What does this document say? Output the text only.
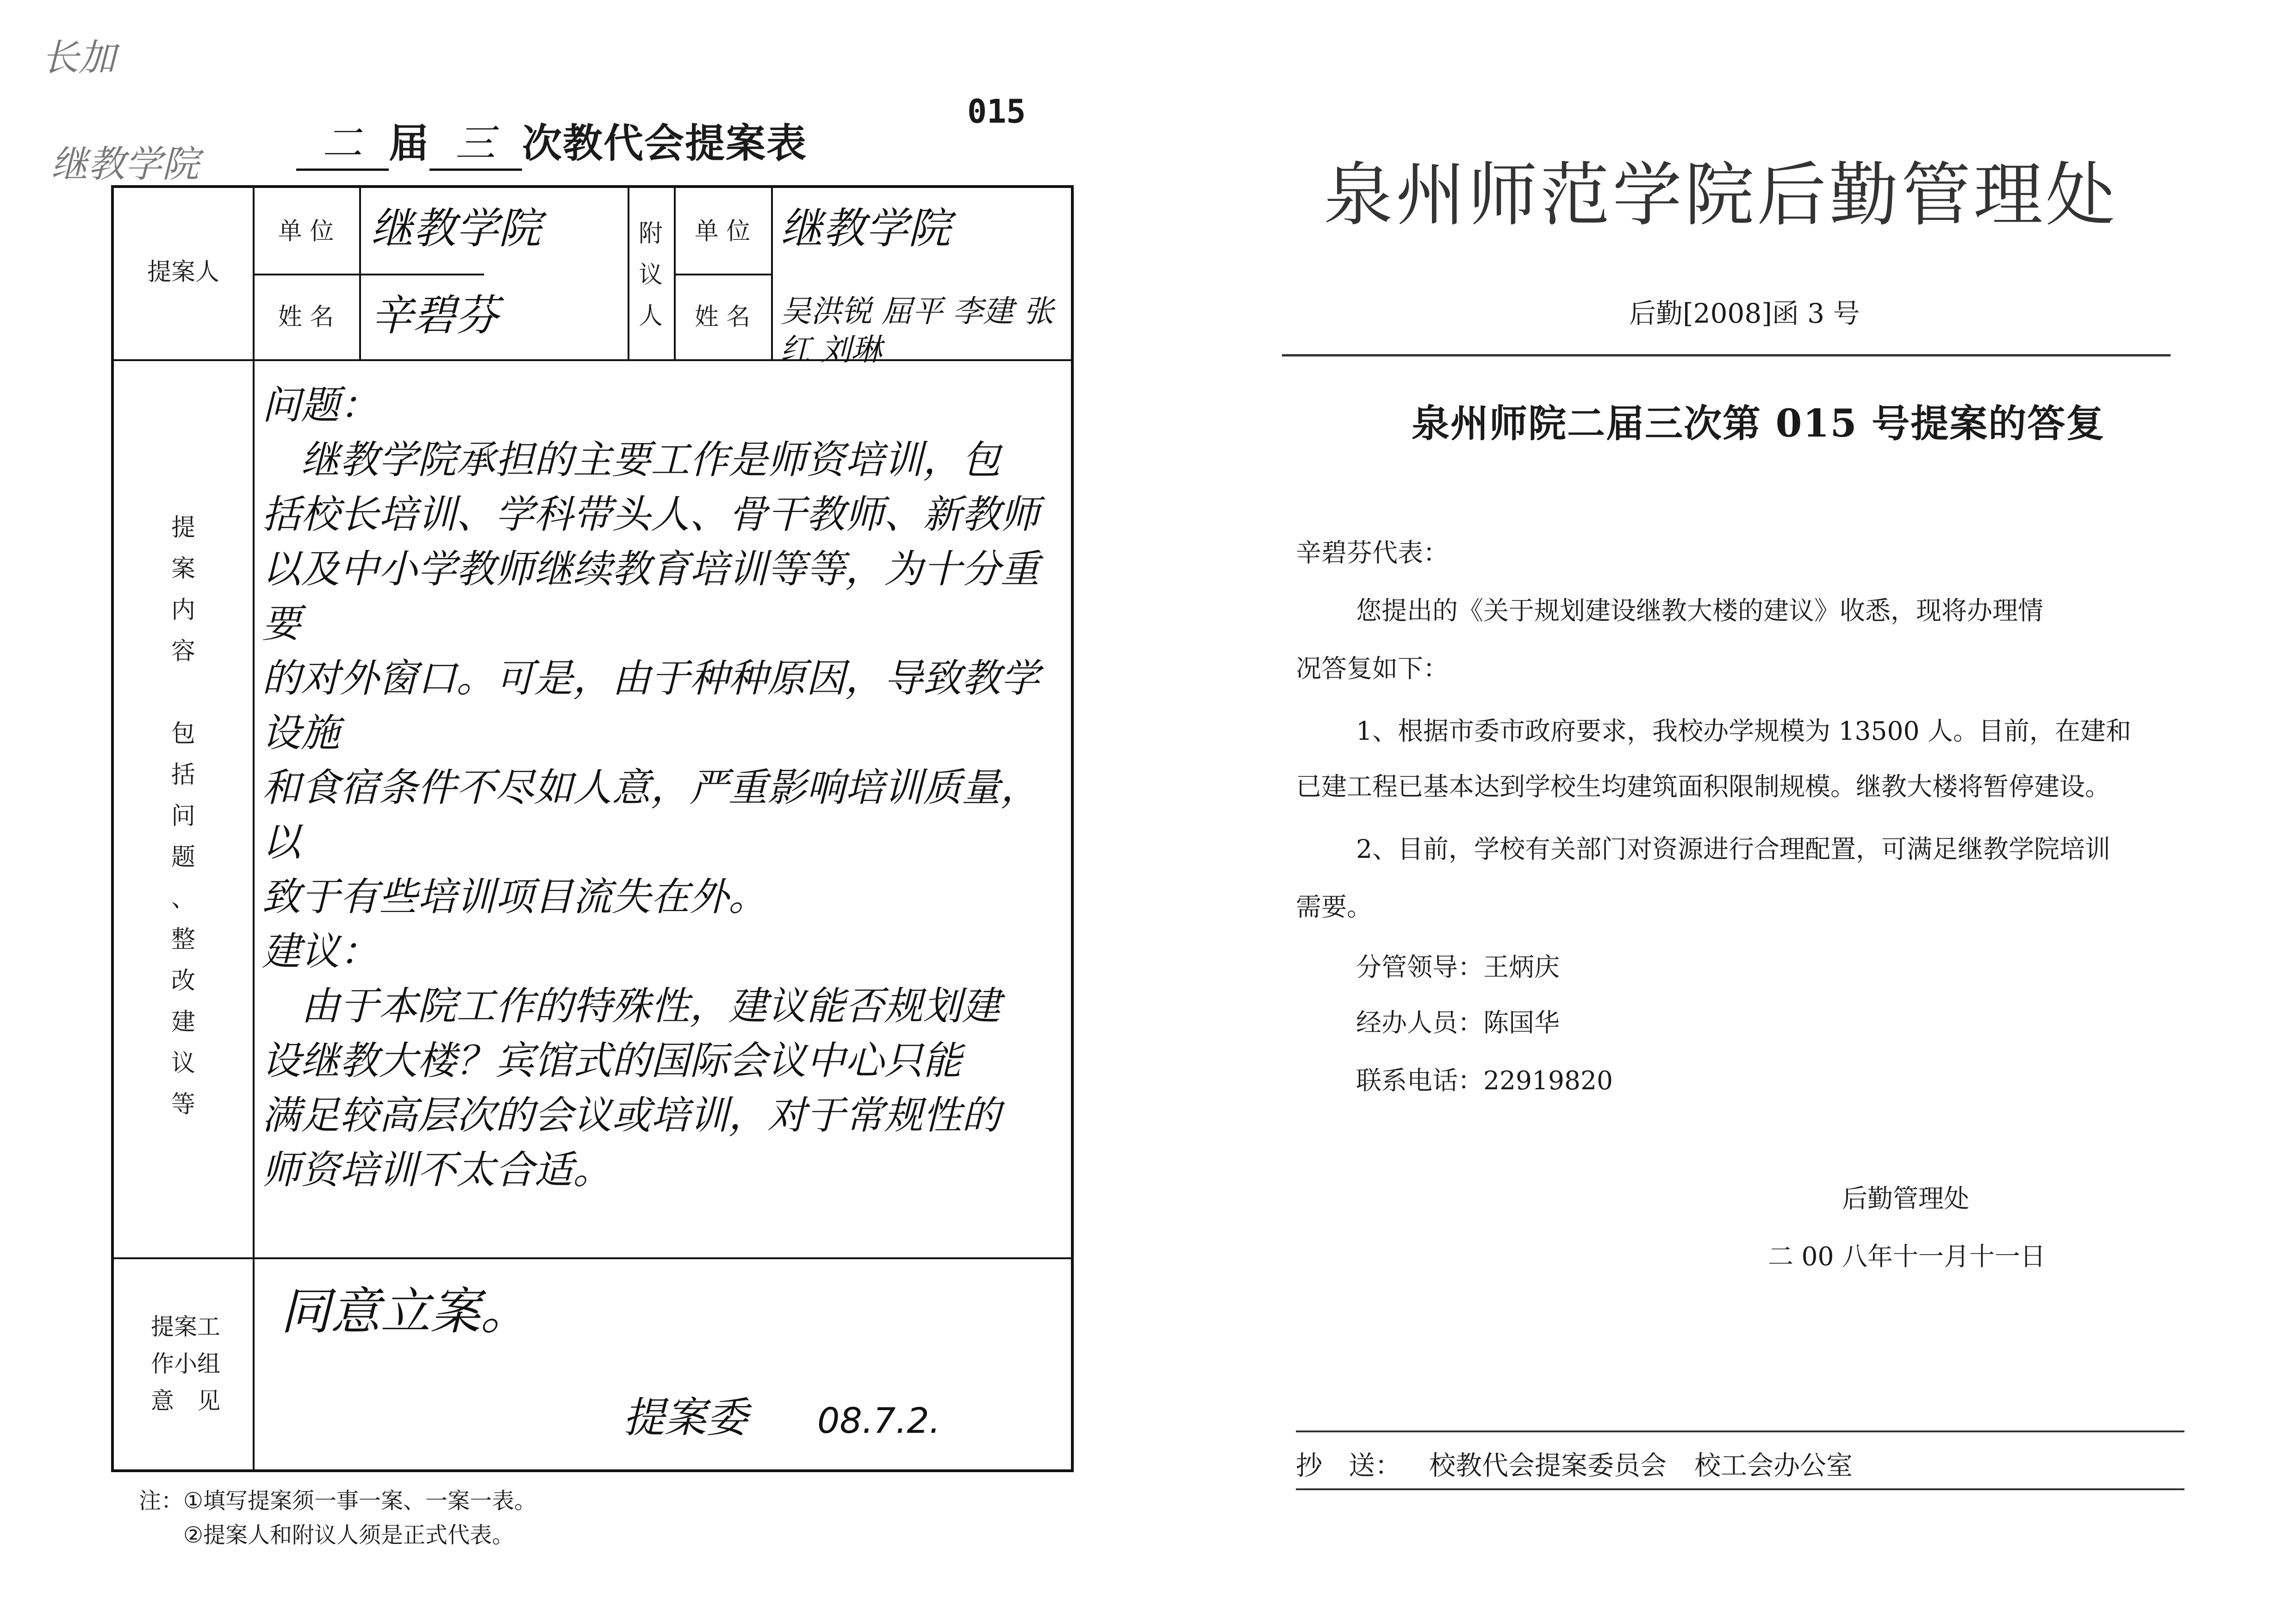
长加
继教学院	二 届 三 次教代会提案表
015
提案人
单 位
姓 名
继教学院
辛碧芬
附
议
人
单 位
姓 名
继教学院
吴洪锐 屈平 李建 张红 刘琳
提
案
内
容
包
括
问
题
、
整
改
建
议
等
问题：
　继教学院承担的主要工作是师资培训，包
括校长培训、学科带头人、骨干教师、新教师
以及中小学教师继续教育培训等等，为十分重要
的对外窗口。可是，由于种种原因，导致教学设施
和食宿条件不尽如人意，严重影响培训质量，以
致于有些培训项目流失在外。
建议：
　由于本院工作的特殊性，建议能否规划建
设继教大楼？宾馆式的国际会议中心只能
满足较高层次的会议或培训，对于常规性的
师资培训不太合适。
提案工
作小组
意　见
同意立案。
提案委 08.7.2.
注：①填写提案须一事一案、一案一表。
　　②提案人和附议人须是正式代表。
泉州师范学院后勤管理处
后勤[2008]函 3 号
泉州师院二届三次第 015 号提案的答复
辛碧芬代表：
您提出的《关于规划建设继教大楼的建议》收悉，现将办理情
况答复如下：
1、根据市委市政府要求，我校办学规模为 13500 人。目前，在建和
已建工程已基本达到学校生均建筑面积限制规模。继教大楼将暂停建设。
2、目前，学校有关部门对资源进行合理配置，可满足继教学院培训
需要。
分管领导：王炳庆
经办人员：陈国华
联系电话：22919820
后勤管理处
二 00 八年十一月十一日
抄　送： 校教代会提案委员会 校工会办公室
